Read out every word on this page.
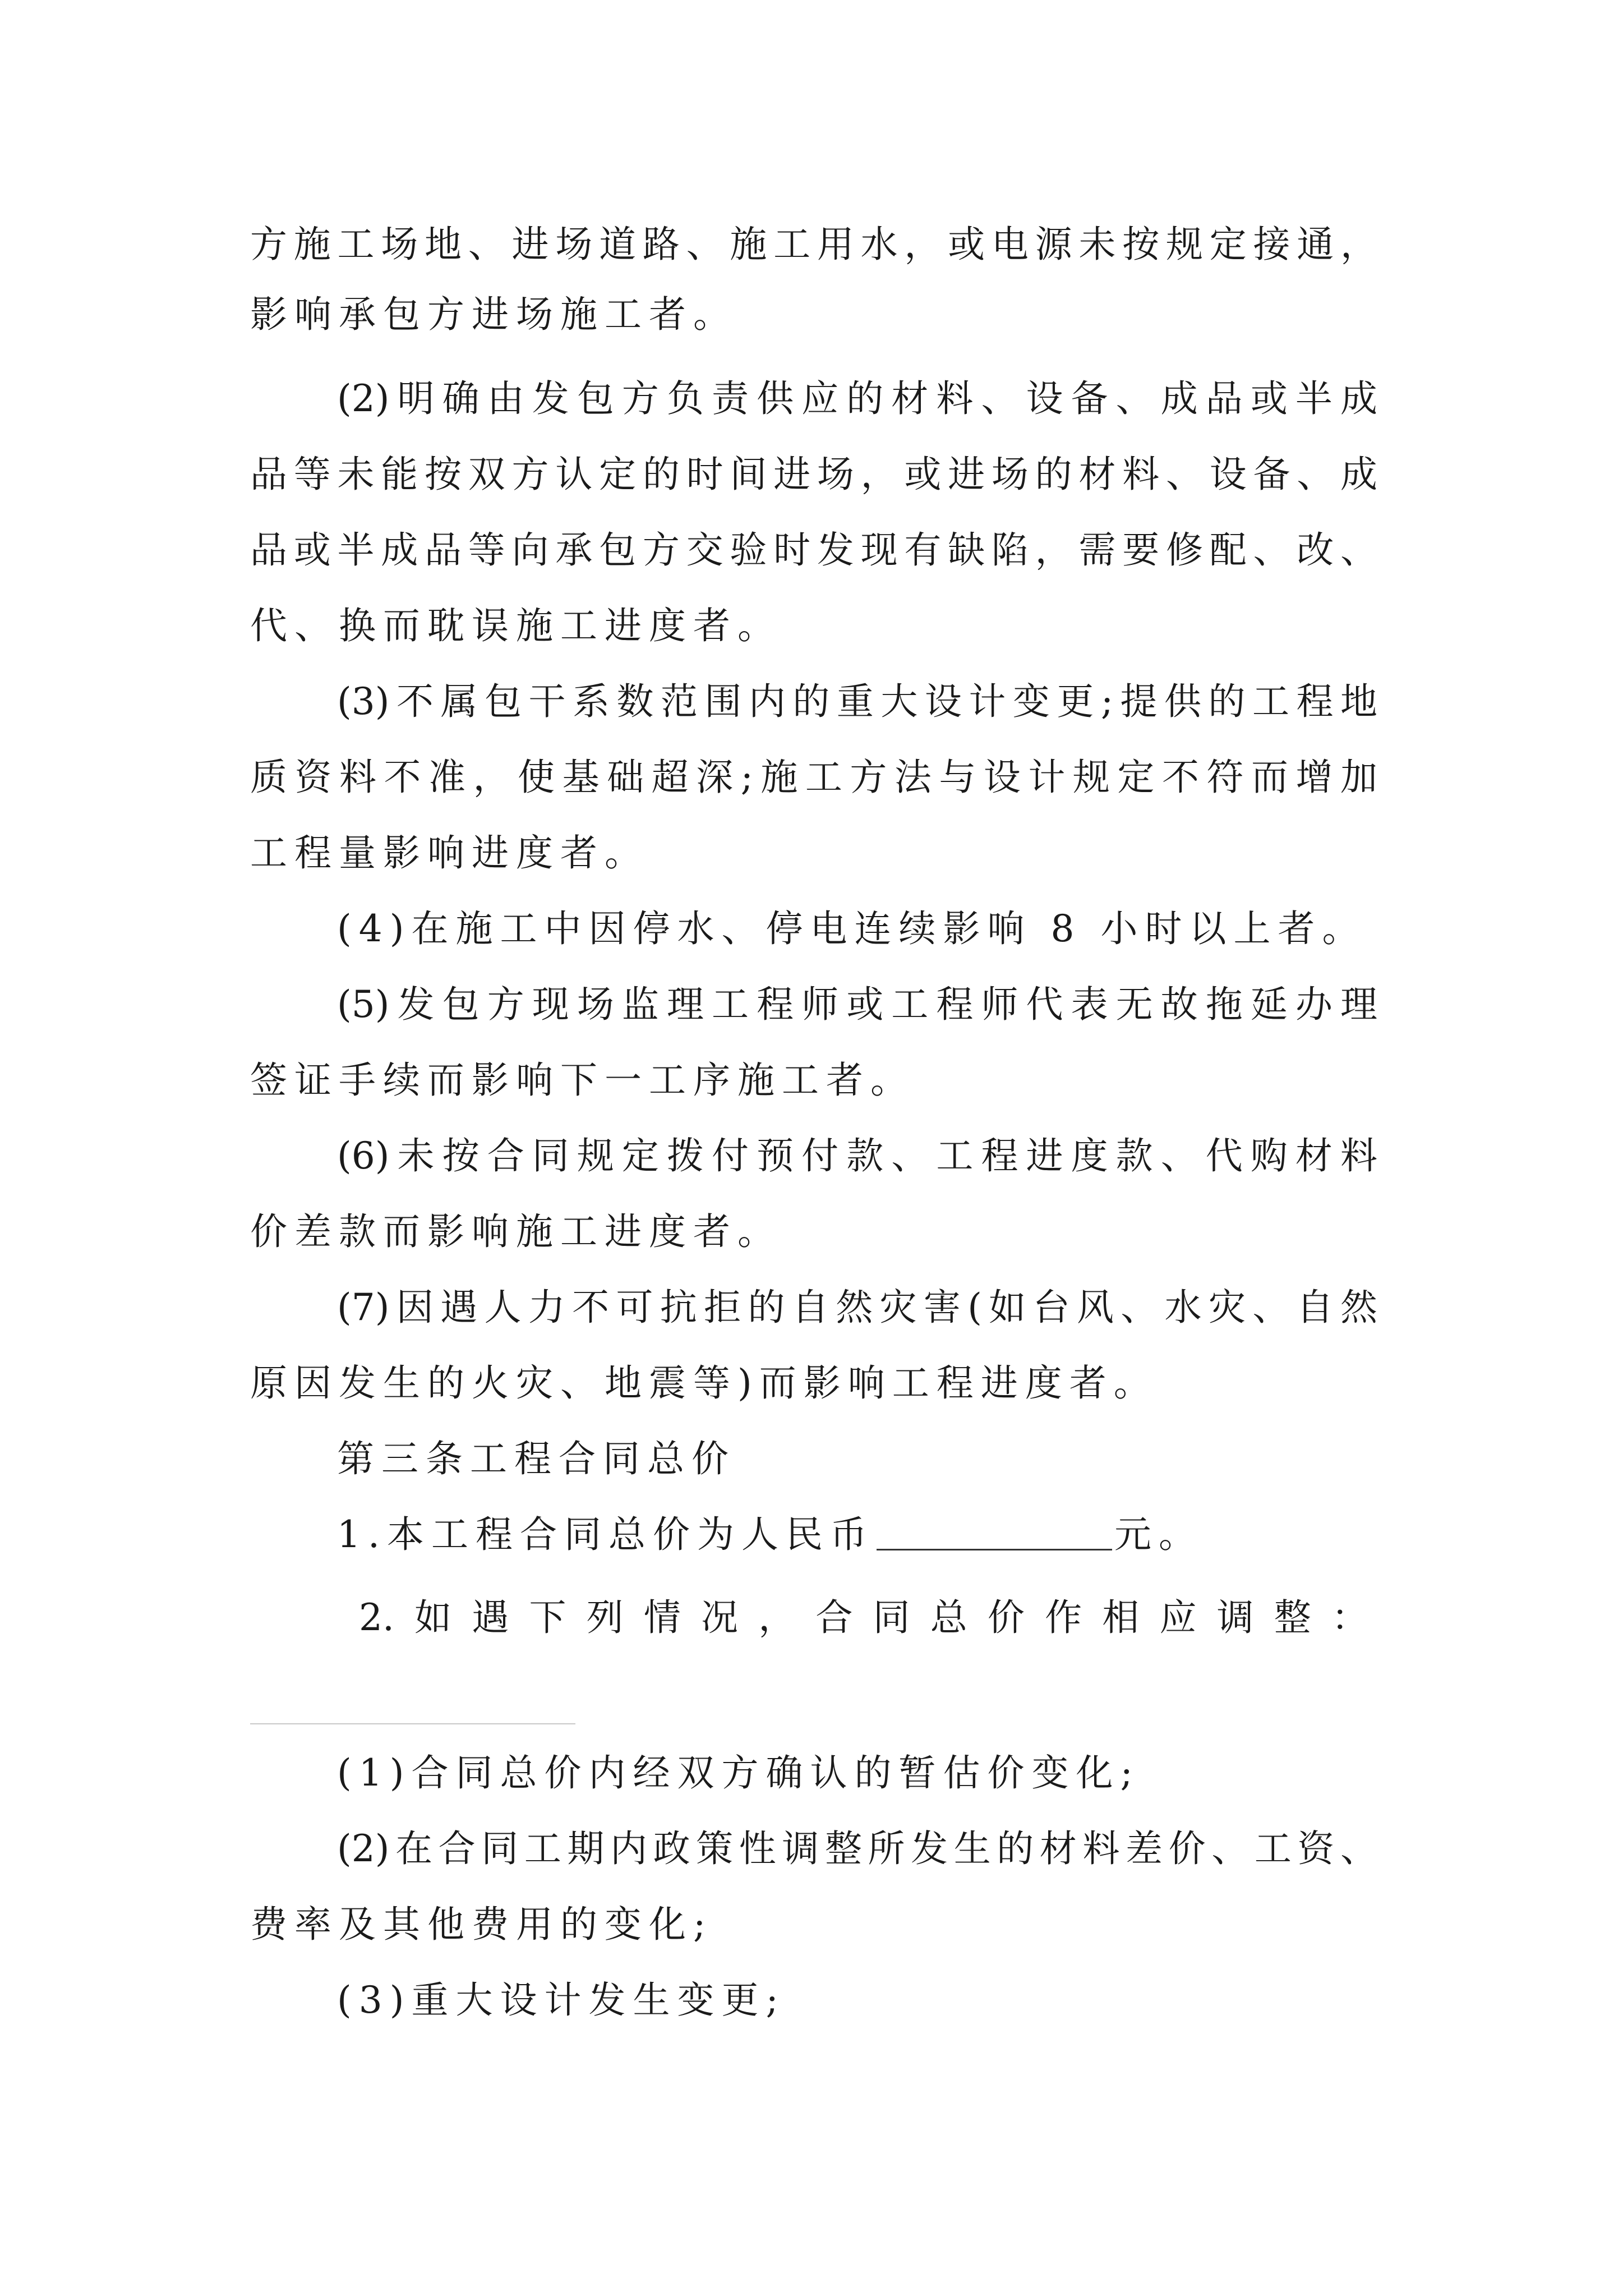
方施工场地、进场道路、施工用水，或电源未按规定接通，
影响承包方进场施工者。
(2)明确由发包方负责供应的材料、设备、成品或半成
品等未能按双方认定的时间进场，或进场的材料、设备、成
品或半成品等向承包方交验时发现有缺陷，需要修配、改、
代、换而耽误施工进度者。
(3)不属包干系数范围内的重大设计变更;提供的工程地
质资料不准，使基础超深;施工方法与设计规定不符而增加
工程量影响进度者。
(4)在施工中因停水、停电连续影响 8 小时以上者。
(5)发包方现场监理工程师或工程师代表无故拖延办理
签证手续而影响下一工序施工者。
(6)未按合同规定拨付预付款、工程进度款、代购材料
价差款而影响施工进度者。
(7)因遇人力不可抗拒的自然灾害(如台风、水灾、自然
原因发生的火灾、地震等)而影响工程进度者。
第三条工程合同总价
1.本工程合同总价为人民币	元。
2.如遇下列情况，合同总价作相应调整：
(1)合同总价内经双方确认的暂估价变化;
(2)在合同工期内政策性调整所发生的材料差价、工资、
费率及其他费用的变化;
(3)重大设计发生变更;
